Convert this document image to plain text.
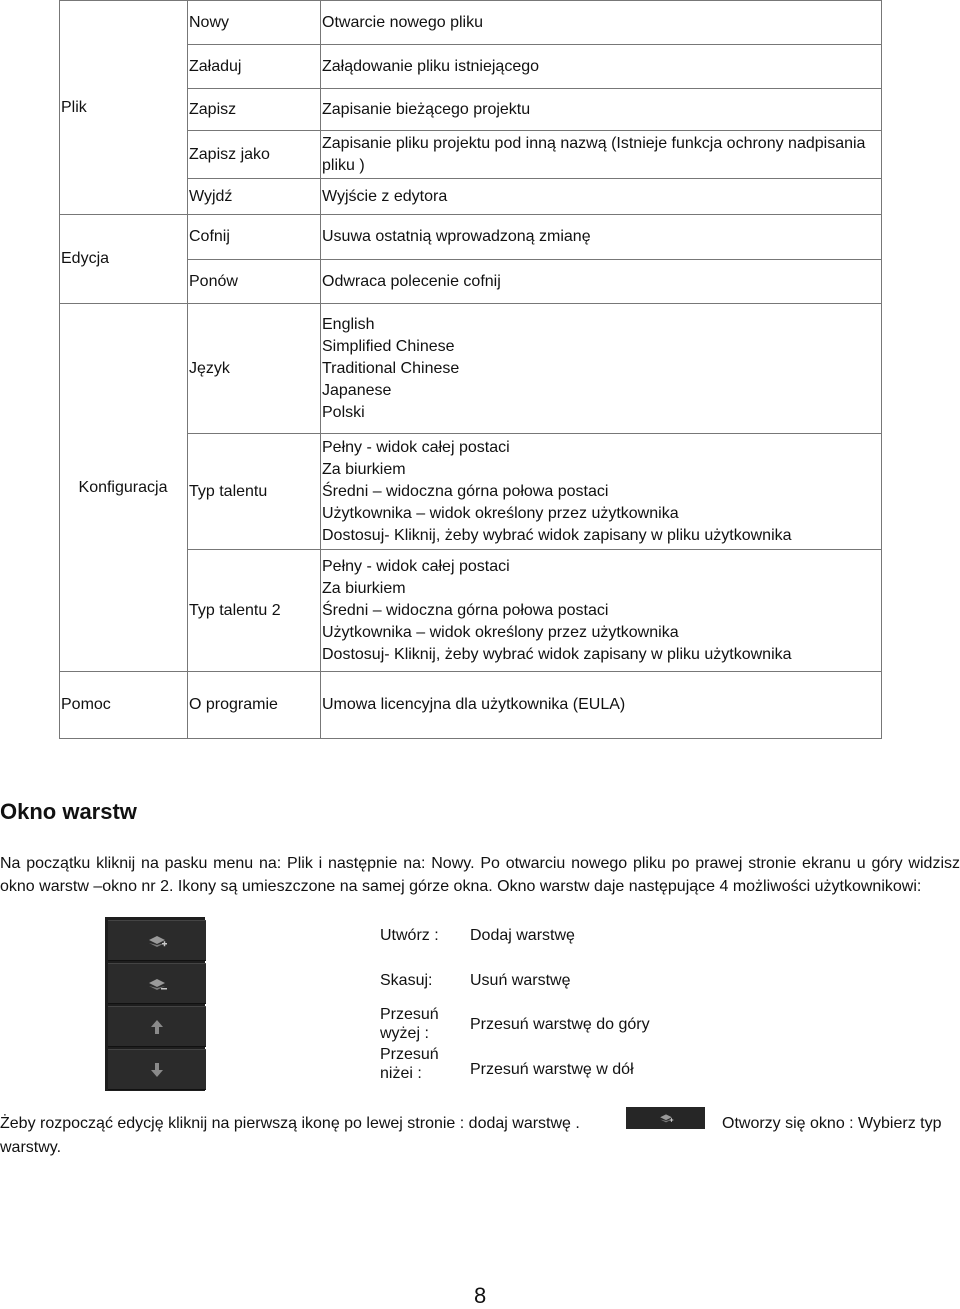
Plik	Nowy	Otwarcie nowego pliku
	Załaduj	Załądowanie pliku istniejącego
	Zapisz	Zapisanie bieżącego projektu
	Zapisz jako	Zapisanie pliku projektu pod inną nazwą (Istnieje funkcja ochrony nadpisania pliku )
	Wyjdź	Wyjście z edytora
Edycja	Cofnij	Usuwa ostatnią wprowadzoną zmianę
	Ponów	Odwraca polecenie cofnij
Konfiguracja	Język	English
Simplified Chinese
Traditional Chinese
Japanese
Polski

	Typ talentu	Pełny - widok całej postaci
Za biurkiem
Średni – widoczna górna połowa postaci
Użytkownika – widok określony przez użytkownika
Dostosuj- Kliknij, żeby wybrać widok zapisany w pliku użytkownika

	Typ talentu 2	Pełny - widok całej postaci
Za biurkiem
Średni – widoczna górna połowa postaci
Użytkownika – widok określony przez użytkownika
Dostosuj- Kliknij, żeby wybrać widok zapisany w pliku użytkownika

Pomoc	O programie	Umowa licencyjna dla użytkownika (EULA)
Okno warstw

Na początku kliknij na pasku menu na: Plik i następnie na: Nowy. Po otwarciu nowego pliku po prawej stronie ekranu u góry widzisz okno warstw –okno nr 2. Ikony są umieszczone na samej górze okna. Okno warstw daje następujące 4 możliwości użytkownikowi:

Utwórz : Dodaj warstwę
Skasuj: Usuń warstwę
Przesuń
wyżej :
Przesuń warstwę do góry
Przesuń
niżei :	Przesuń warstwę w dół
Żeby rozpocząć edycję kliknij na pierwszą ikonę po lewej stronie : dodaj warstwę .	Otworzy się okno : Wybierz typ
warstwy.
8
